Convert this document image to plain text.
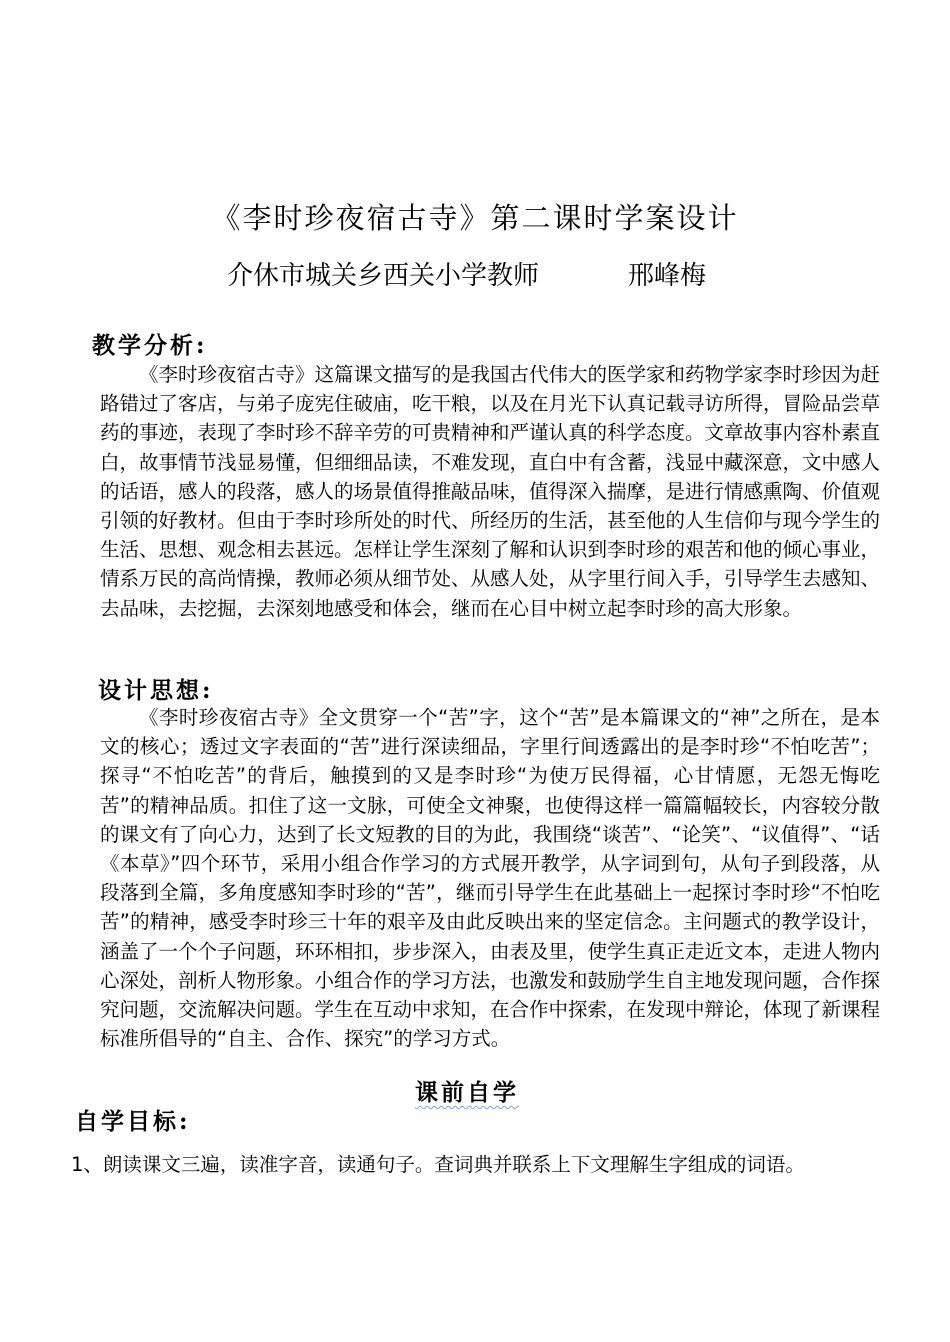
《李时珍夜宿古寺》第二课时学案设计
介休市城关乡西关小学教师	邢峰梅
教学分析:

《李时珍夜宿古寺》这篇课文描写的是我国古代伟大的医学家和药物学家李时珍因为赶路错过了客店，与弟子庞宪住破庙，吃干粮，以及在月光下认真记载寻访所得，冒险品尝草药的事迹，表现了李时珍不辞辛劳的可贵精神和严谨认真的科学态度。文章故事内容朴素直白，故事情节浅显易懂，但细细品读，不难发现，直白中有含蓄，浅显中藏深意，文中感人的话语，感人的段落，感人的场景值得推敲品味，值得深入揣摩，是进行情感熏陶、价值观引领的好教材。但由于李时珍所处的时代、所经历的生活，甚至他的人生信仰与现今学生的生活、思想、观念相去甚远。怎样让学生深刻了解和认识到李时珍的艰苦和他的倾心事业，情系万民的高尚情操，教师必须从细节处、从感人处，从字里行间入手，引导学生去感知、去品味，去挖掘，去深刻地感受和体会，继而在心目中树立起李时珍的高大形象。

设计思想:

《李时珍夜宿古寺》全文贯穿一个“苦”字，这个“苦”是本篇课文的“神”之所在，是本文的核心；透过文字表面的“苦”进行深读细品，字里行间透露出的是李时珍“不怕吃苦”；探寻“不怕吃苦”的背后，触摸到的又是李时珍“为使万民得福，心甘情愿，无怨无悔吃苦”的精神品质。扣住了这一文脉，可使全文神聚，也使得这样一篇篇幅较长，内容较分散的课文有了向心力，达到了长文短教的目的为此，我围绕“谈苦”、“论笑”、“议值得”、“话《本草》”四个环节，采用小组合作学习的方式展开教学，从字词到句，从句子到段落，从段落到全篇，多角度感知李时珍的“苦”，继而引导学生在此基础上一起探讨李时珍“不怕吃苦”的精神，感受李时珍三十年的艰辛及由此反映出来的坚定信念。主问题式的教学设计，涵盖了一个个子问题，环环相扣，步步深入，由表及里，使学生真正走近文本，走进人物内心深处，剖析人物形象。小组合作的学习方法，也激发和鼓励学生自主地发现问题，合作探究问题，交流解决问题。学生在互动中求知，在合作中探索，在发现中辩论，体现了新课程标准所倡导的“自主、合作、探究”的学习方式。

课前自学
自学目标:
1、朗读课文三遍，读准字音，读通句子。查词典并联系上下文理解生字组成的词语。
